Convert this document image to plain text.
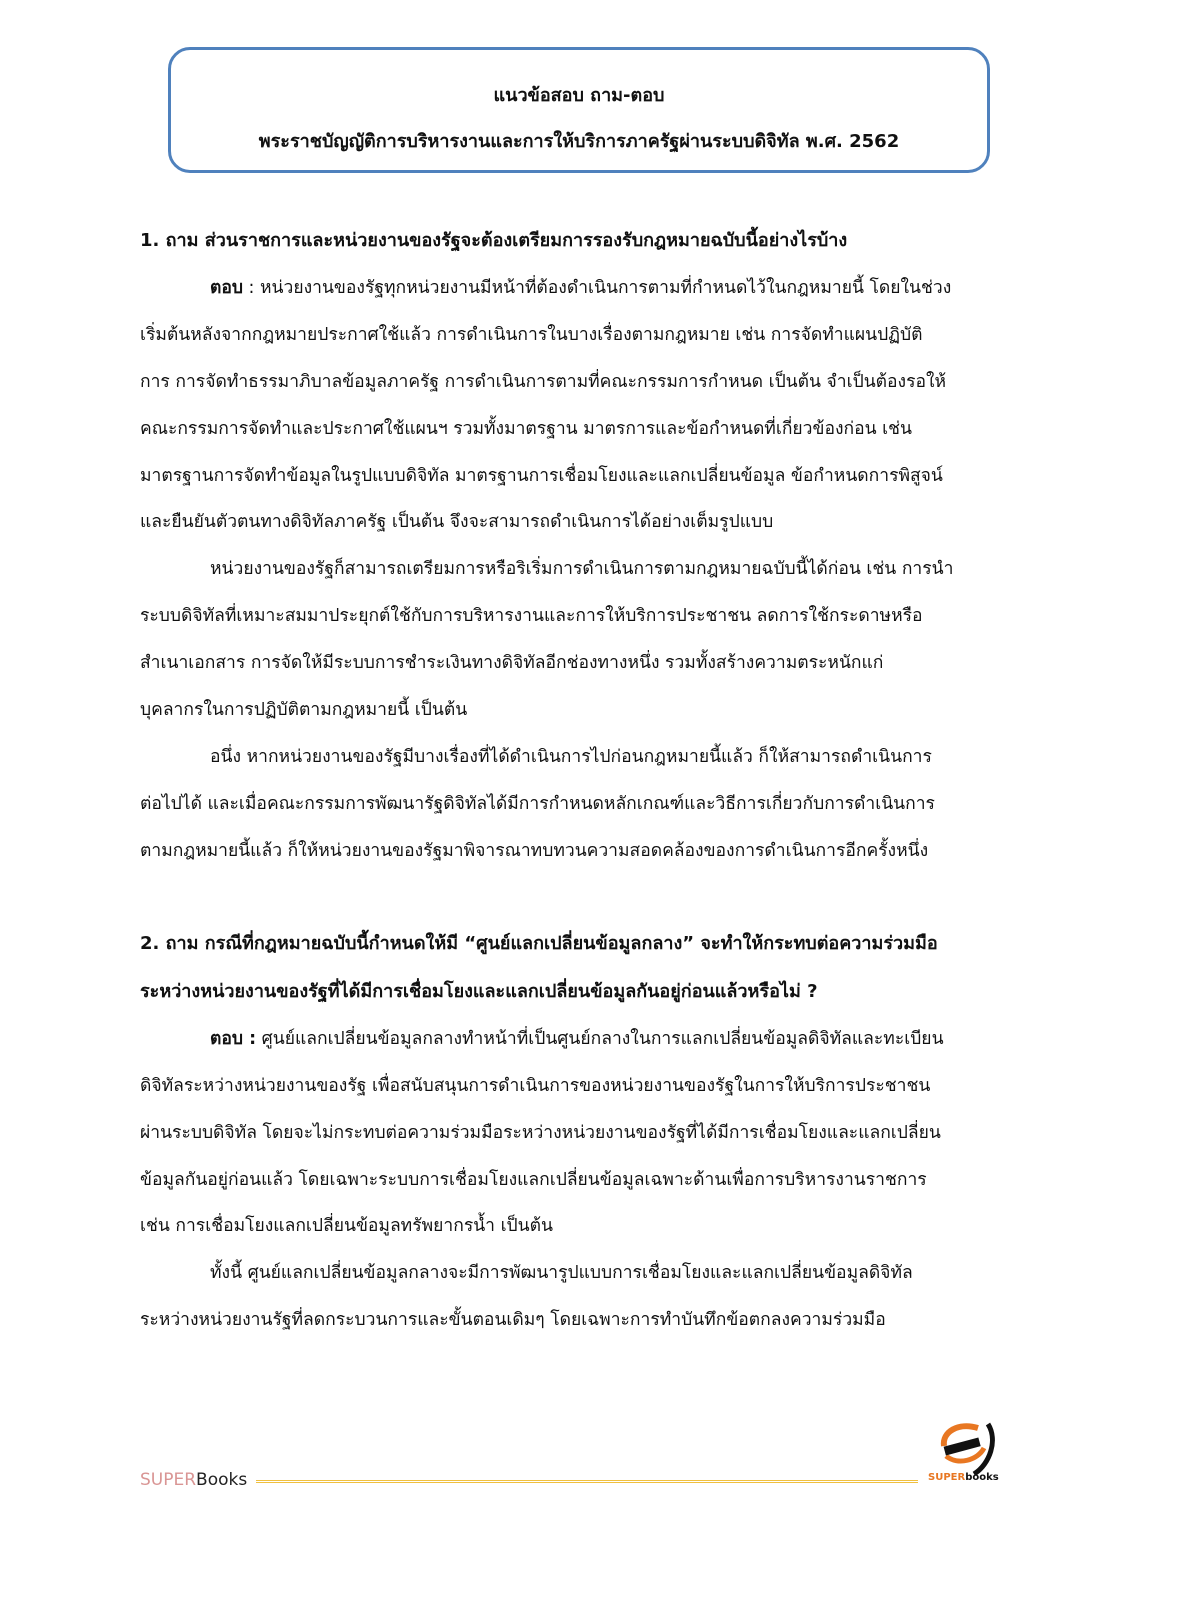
แนวข้อสอบ ถาม-ตอบ
พระราชบัญญัติการบริหารงานและการให้บริการภาครัฐผ่านระบบดิจิทัล พ.ศ. 2562
1. ถาม ส่วนราชการและหน่วยงานของรัฐจะต้องเตรียมการรองรับกฎหมายฉบับนี้อย่างไรบ้าง
ตอบ : หน่วยงานของรัฐทุกหน่วยงานมีหน้าที่ต้องดำเนินการตามที่กำหนดไว้ในกฎหมายนี้ โดยในช่วง
เริ่มต้นหลังจากกฎหมายประกาศใช้แล้ว การดำเนินการในบางเรื่องตามกฎหมาย เช่น การจัดทำแผนปฏิบัติ
การ การจัดทำธรรมาภิบาลข้อมูลภาครัฐ การดำเนินการตามที่คณะกรรมการกำหนด เป็นต้น จำเป็นต้องรอให้
คณะกรรมการจัดทำและประกาศใช้แผนฯ รวมทั้งมาตรฐาน มาตรการและข้อกำหนดที่เกี่ยวข้องก่อน เช่น
มาตรฐานการจัดทำข้อมูลในรูปแบบดิจิทัล มาตรฐานการเชื่อมโยงและแลกเปลี่ยนข้อมูล ข้อกำหนดการพิสูจน์
และยืนยันตัวตนทางดิจิทัลภาครัฐ เป็นต้น จึงจะสามารถดำเนินการได้อย่างเต็มรูปแบบ
หน่วยงานของรัฐก็สามารถเตรียมการหรือริเริ่มการดำเนินการตามกฎหมายฉบับนี้ได้ก่อน เช่น การนำ
ระบบดิจิทัลที่เหมาะสมมาประยุกต์ใช้กับการบริหารงานและการให้บริการประชาชน ลดการใช้กระดาษหรือ
สำเนาเอกสาร การจัดให้มีระบบการชำระเงินทางดิจิทัลอีกช่องทางหนึ่ง รวมทั้งสร้างความตระหนักแก่
บุคลากรในการปฏิบัติตามกฎหมายนี้ เป็นต้น
อนึ่ง หากหน่วยงานของรัฐมีบางเรื่องที่ได้ดำเนินการไปก่อนกฎหมายนี้แล้ว ก็ให้สามารถดำเนินการ
ต่อไปได้ และเมื่อคณะกรรมการพัฒนารัฐดิจิทัลได้มีการกำหนดหลักเกณฑ์และวิธีการเกี่ยวกับการดำเนินการ
ตามกฎหมายนี้แล้ว ก็ให้หน่วยงานของรัฐมาพิจารณาทบทวนความสอดคล้องของการดำเนินการอีกครั้งหนึ่ง
2. ถาม กรณีที่กฎหมายฉบับนี้กำหนดให้มี “ศูนย์แลกเปลี่ยนข้อมูลกลาง” จะทำให้กระทบต่อความร่วมมือ
ระหว่างหน่วยงานของรัฐที่ได้มีการเชื่อมโยงและแลกเปลี่ยนข้อมูลกันอยู่ก่อนแล้วหรือไม่ ?
ตอบ : ศูนย์แลกเปลี่ยนข้อมูลกลางทำหน้าที่เป็นศูนย์กลางในการแลกเปลี่ยนข้อมูลดิจิทัลและทะเบียน
ดิจิทัลระหว่างหน่วยงานของรัฐ เพื่อสนับสนุนการดำเนินการของหน่วยงานของรัฐในการให้บริการประชาชน
ผ่านระบบดิจิทัล โดยจะไม่กระทบต่อความร่วมมือระหว่างหน่วยงานของรัฐที่ได้มีการเชื่อมโยงและแลกเปลี่ยน
ข้อมูลกันอยู่ก่อนแล้ว โดยเฉพาะระบบการเชื่อมโยงแลกเปลี่ยนข้อมูลเฉพาะด้านเพื่อการบริหารงานราชการ
เช่น การเชื่อมโยงแลกเปลี่ยนข้อมูลทรัพยากรน้ำ เป็นต้น
ทั้งนี้ ศูนย์แลกเปลี่ยนข้อมูลกลางจะมีการพัฒนารูปแบบการเชื่อมโยงและแลกเปลี่ยนข้อมูลดิจิทัล
ระหว่างหน่วยงานรัฐที่ลดกระบวนการและขั้นตอนเดิมๆ โดยเฉพาะการทำบันทึกข้อตกลงความร่วมมือ
SUPERBooks	SUPERbooks
